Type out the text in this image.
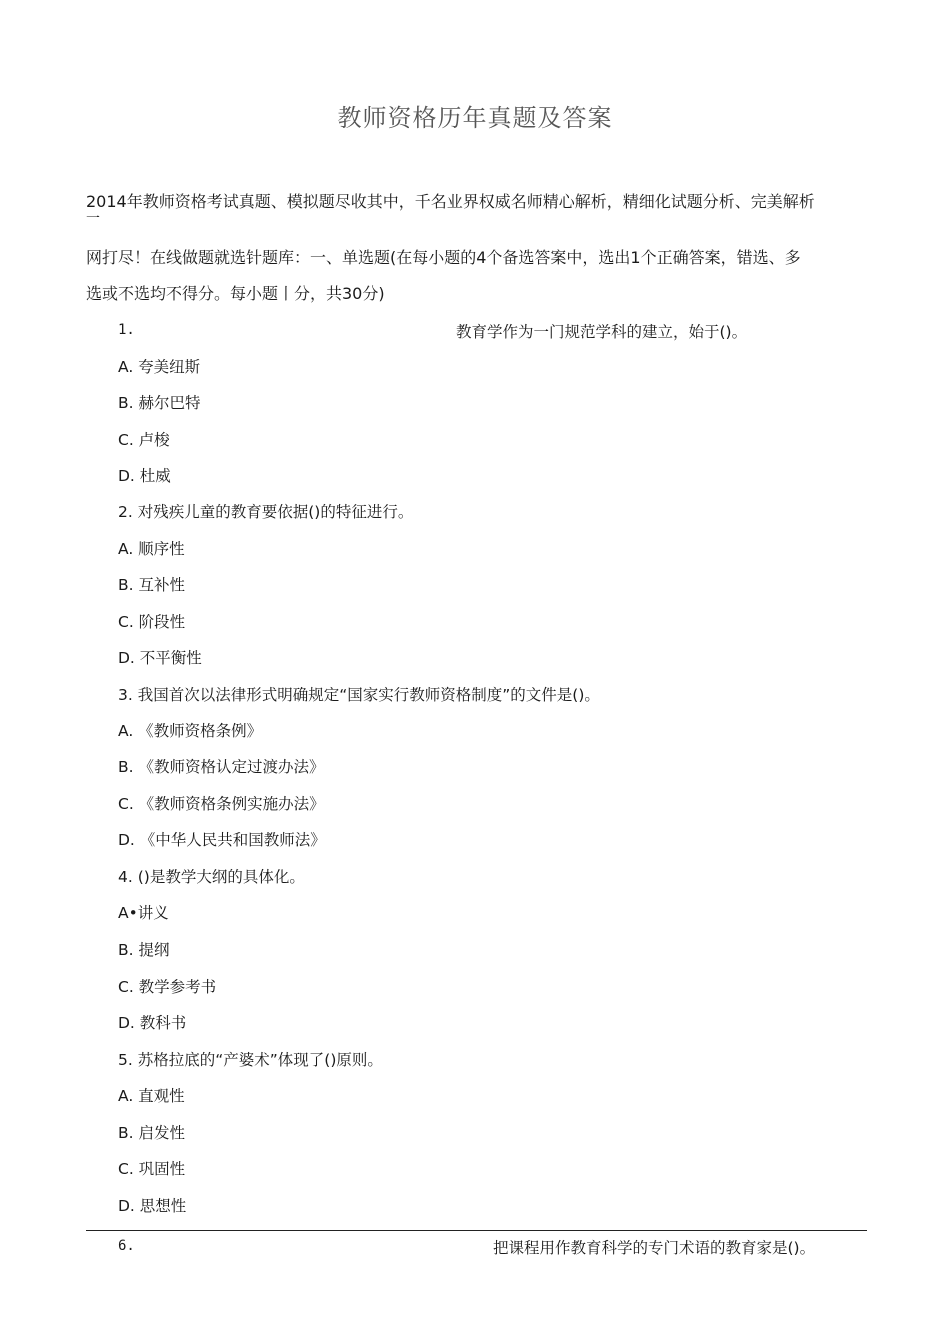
教师资格历年真题及答案
2014年教师资格考试真题、模拟题尽收其中，千名业界权威名师精心解析，精细化试题分析、完美解析
一
网打尽！在线做题就选针题库：一、单选题(在每小题的4个备选答案中，选出1个正确答案，错选、多
选或不选均不得分。每小题丨分，共30分)
1.	教育学作为一门规范学科的建立，始于()。
A. 夸美纽斯
B. 赫尔巴特
C. 卢梭
D. 杜威
2. 对残疾儿童的教育要依据()的特征进行。
A. 顺序性
B. 互补性
C. 阶段性
D. 不平衡性
3. 我国首次以法律形式明确规定“国家实行教师资格制度”的文件是()。
A. 《教师资格条例》
B. 《教师资格认定过渡办法》
C. 《教师资格条例实施办法》
D. 《中华人民共和国教师法》
4. ()是教学大纲的具体化。
A•讲义
B. 提纲
C. 教学参考书
D. 教科书
5. 苏格拉底的“产婆术”体现了()原则。
A. 直观性
B. 启发性
C. 巩固性
D. 思想性
6.	把课程用作教育科学的专门术语的教育家是()。
